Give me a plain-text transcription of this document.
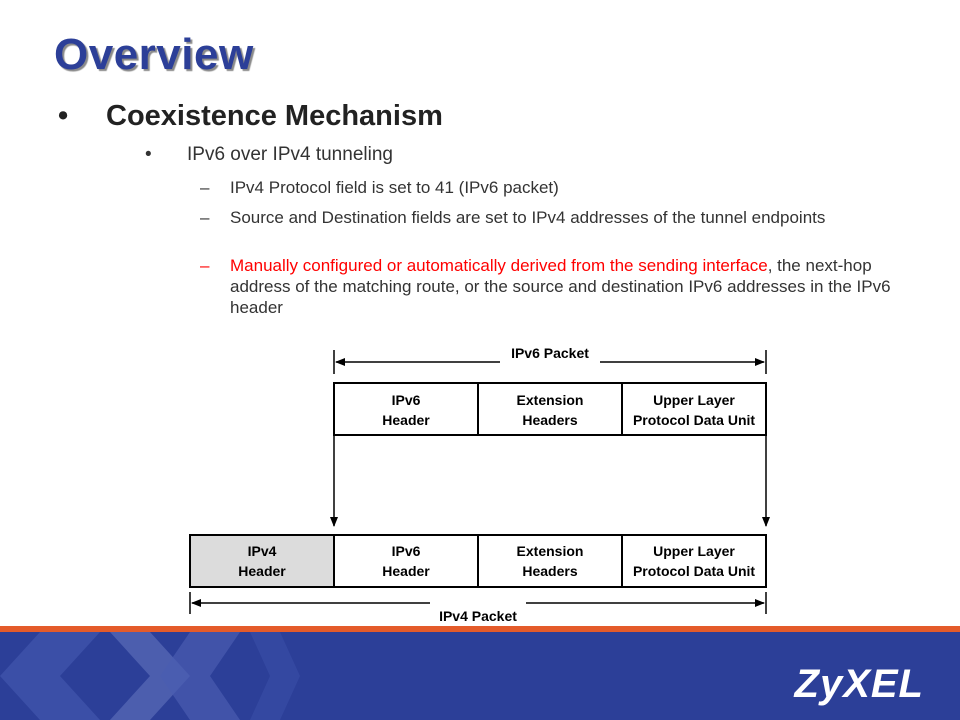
Overview
• Coexistence Mechanism
• IPv6 over IPv4 tunneling
– IPv4 Protocol field is set to 41 (IPv6 packet)
– Source and Destination fields are set to IPv4 addresses of the tunnel endpoints
– Manually configured or automatically derived from the sending interface, the next-hop address of the matching route, or the source and destination IPv6 addresses in the IPv6 header
IPv6 Packet
IPv6
Header
Extension
Headers
Upper Layer
Protocol Data Unit
IPv4
Header
IPv6
Header
Extension
Headers
Upper Layer
Protocol Data Unit
IPv4 Packet
ZyXEL
